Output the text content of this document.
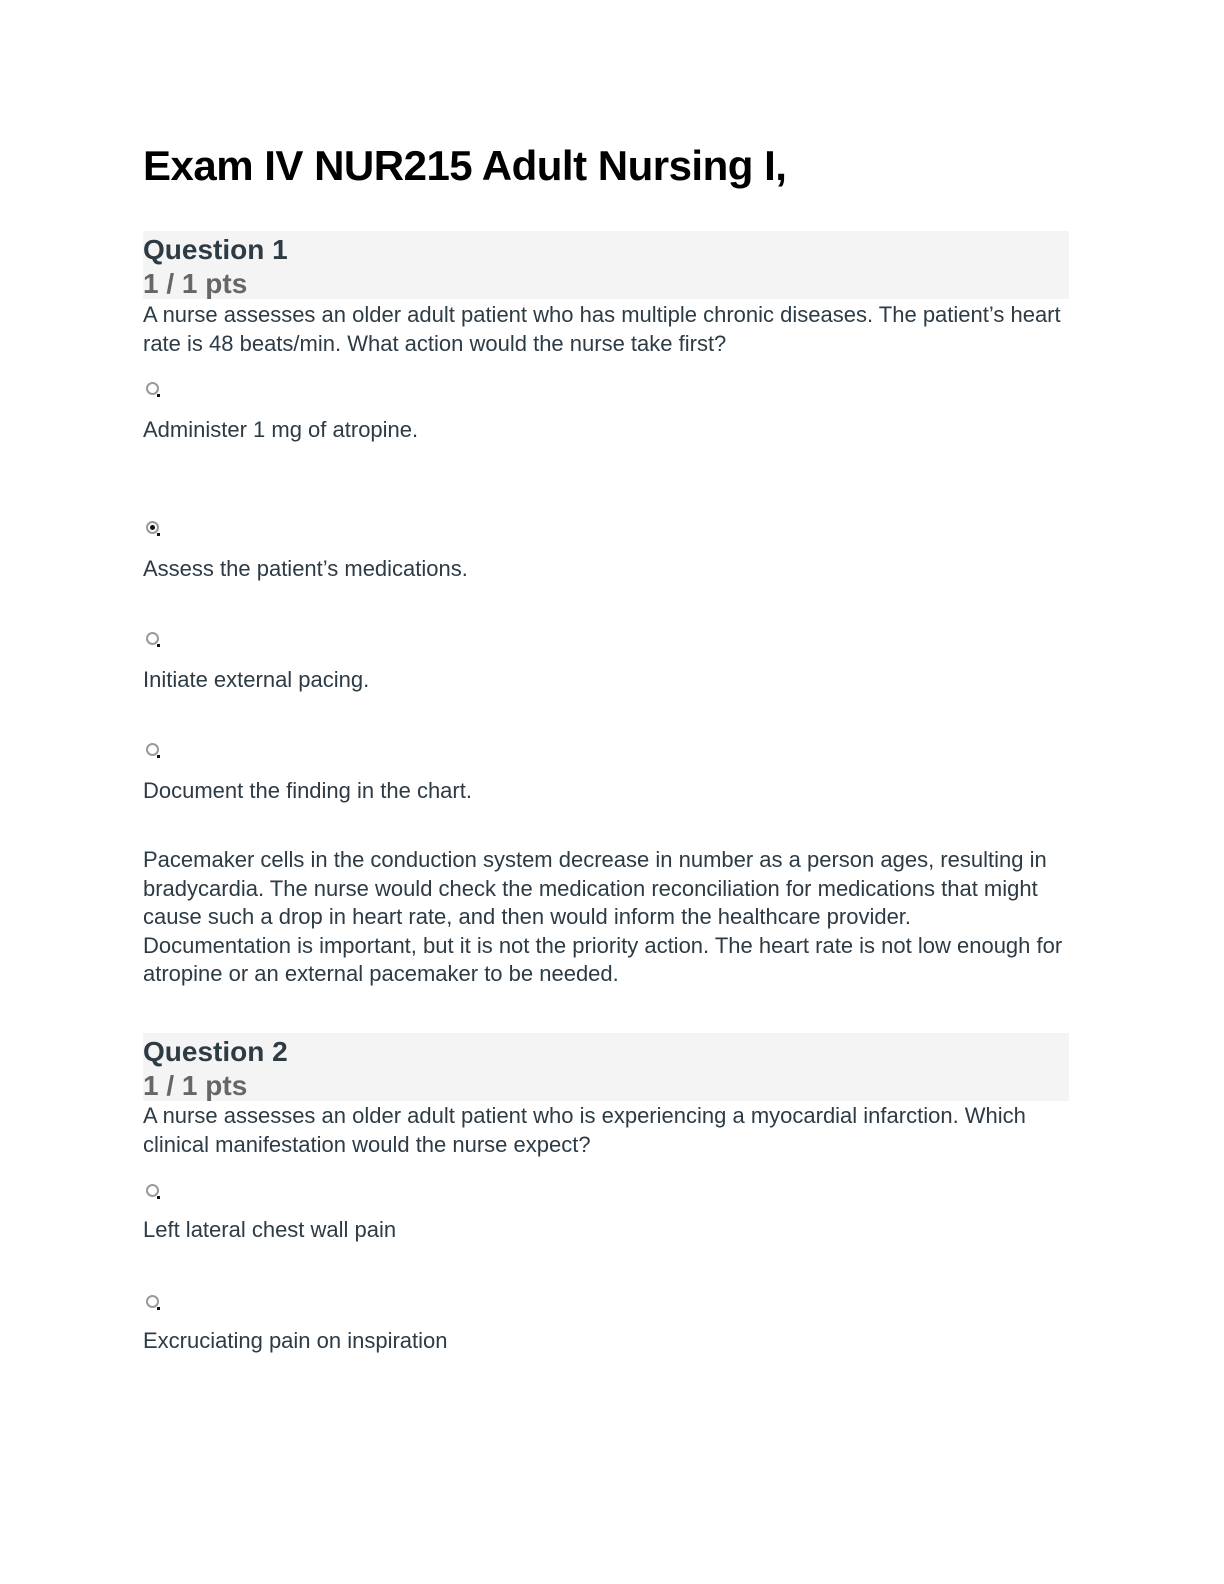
Exam IV NUR215 Adult Nursing I,
Question 1
1 / 1 pts
A nurse assesses an older adult patient who has multiple chronic diseases. The patient’s heart rate is 48 beats/min. What action would the nurse take first?
Administer 1 mg of atropine.
Assess the patient’s medications.
Initiate external pacing.
Document the finding in the chart.
Pacemaker cells in the conduction system decrease in number as a person ages, resulting in bradycardia. The nurse would check the medication reconciliation for medications that might cause such a drop in heart rate, and then would inform the healthcare provider. Documentation is important, but it is not the priority action. The heart rate is not low enough for atropine or an external pacemaker to be needed.
Question 2
1 / 1 pts
A nurse assesses an older adult patient who is experiencing a myocardial infarction. Which clinical manifestation would the nurse expect?
Left lateral chest wall pain
Excruciating pain on inspiration
